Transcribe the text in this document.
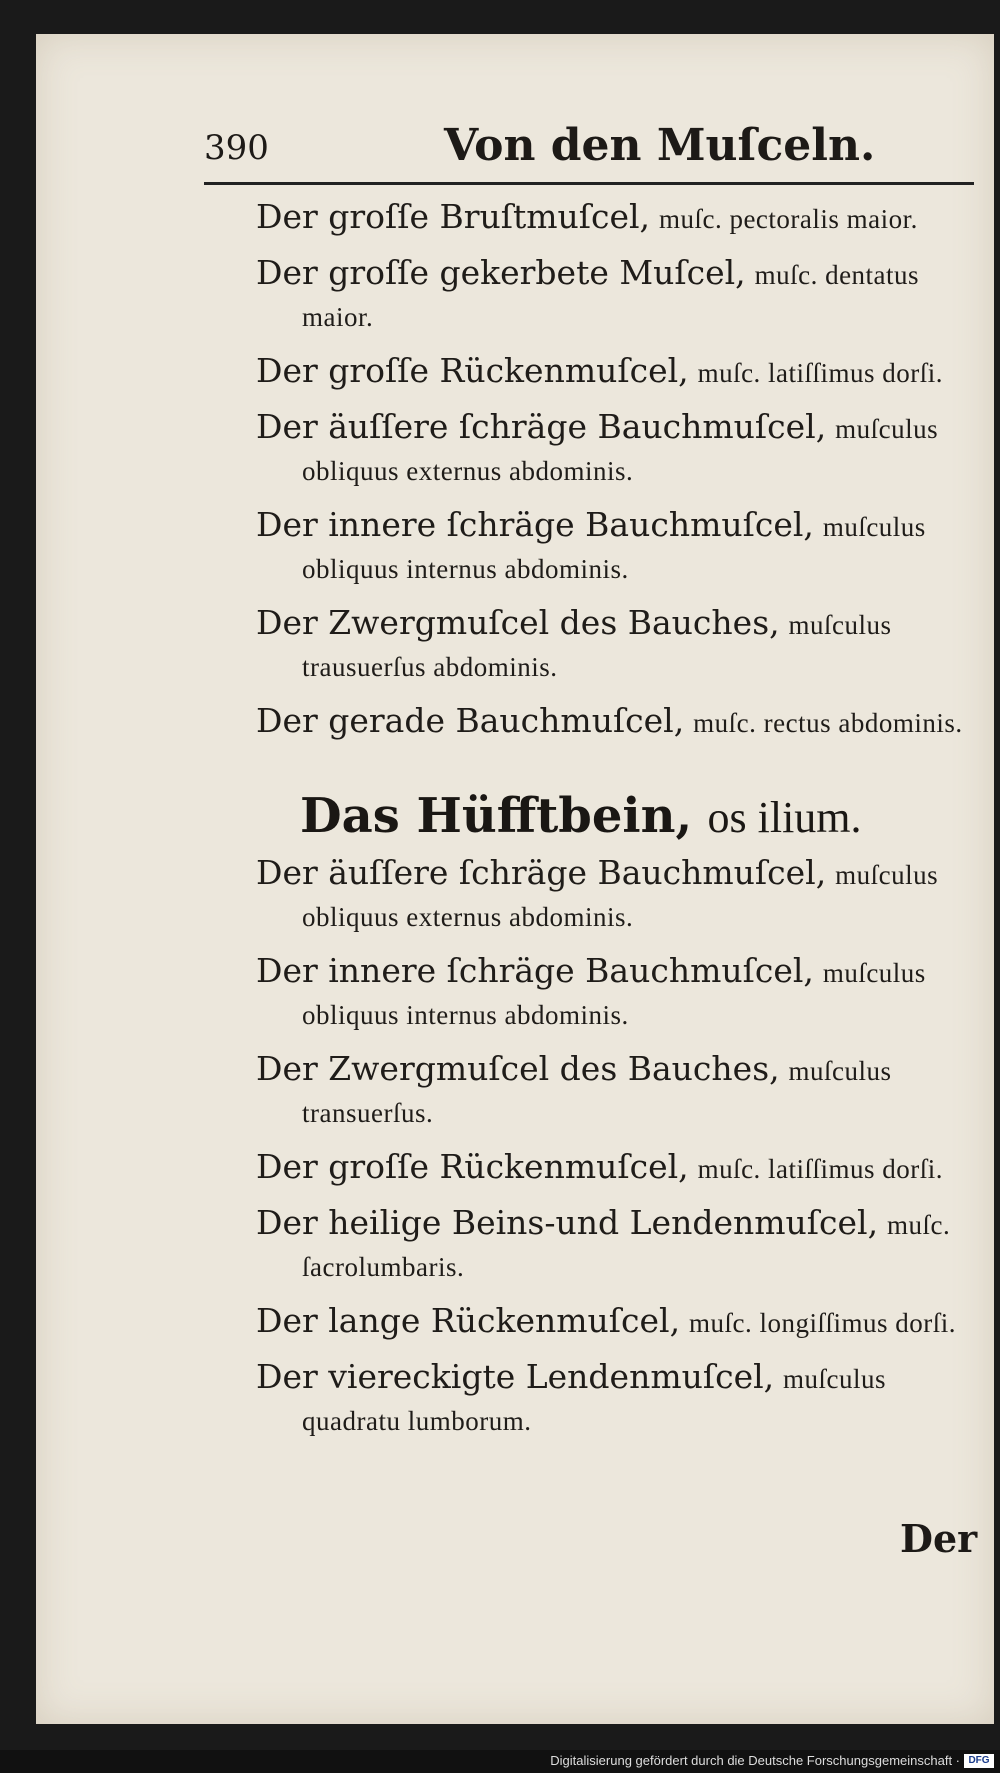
390	Von den Muſceln.

Der groſſe Bruſtmuſcel, muſc. pectoralis maior.

Der groſſe gekerbete Muſcel, muſc. dentatus maior.

Der groſſe Rückenmuſcel, muſc. latiſſimus dorſi.

Der äuſſere ſchräge Bauchmuſcel, muſculus obliquus externus abdominis.

Der innere ſchräge Bauchmuſcel, muſculus obliquus internus abdominis.

Der Zwergmuſcel des Bauches, muſculus trausuerſus abdominis.

Der gerade Bauchmuſcel, muſc. rectus abdominis.

Das Hüfftbein, os ilium.

Der äuſſere ſchräge Bauchmuſcel, muſculus obliquus externus abdominis.

Der innere ſchräge Bauchmuſcel, muſculus obliquus internus abdominis.

Der Zwergmuſcel des Bauches, muſculus transuerſus.

Der groſſe Rückenmuſcel, muſc. latiſſimus dorſi.

Der heilige Beins-und Lendenmuſcel, muſc. ſacrolumbaris.

Der lange Rückenmuſcel, muſc. longiſſimus dorſi.

Der viereckigte Lendenmuſcel, muſculus quadratu lumborum.

Der
Digitalisierung gefördert durch die Deutsche Forschungsgemeinschaft · DFG
